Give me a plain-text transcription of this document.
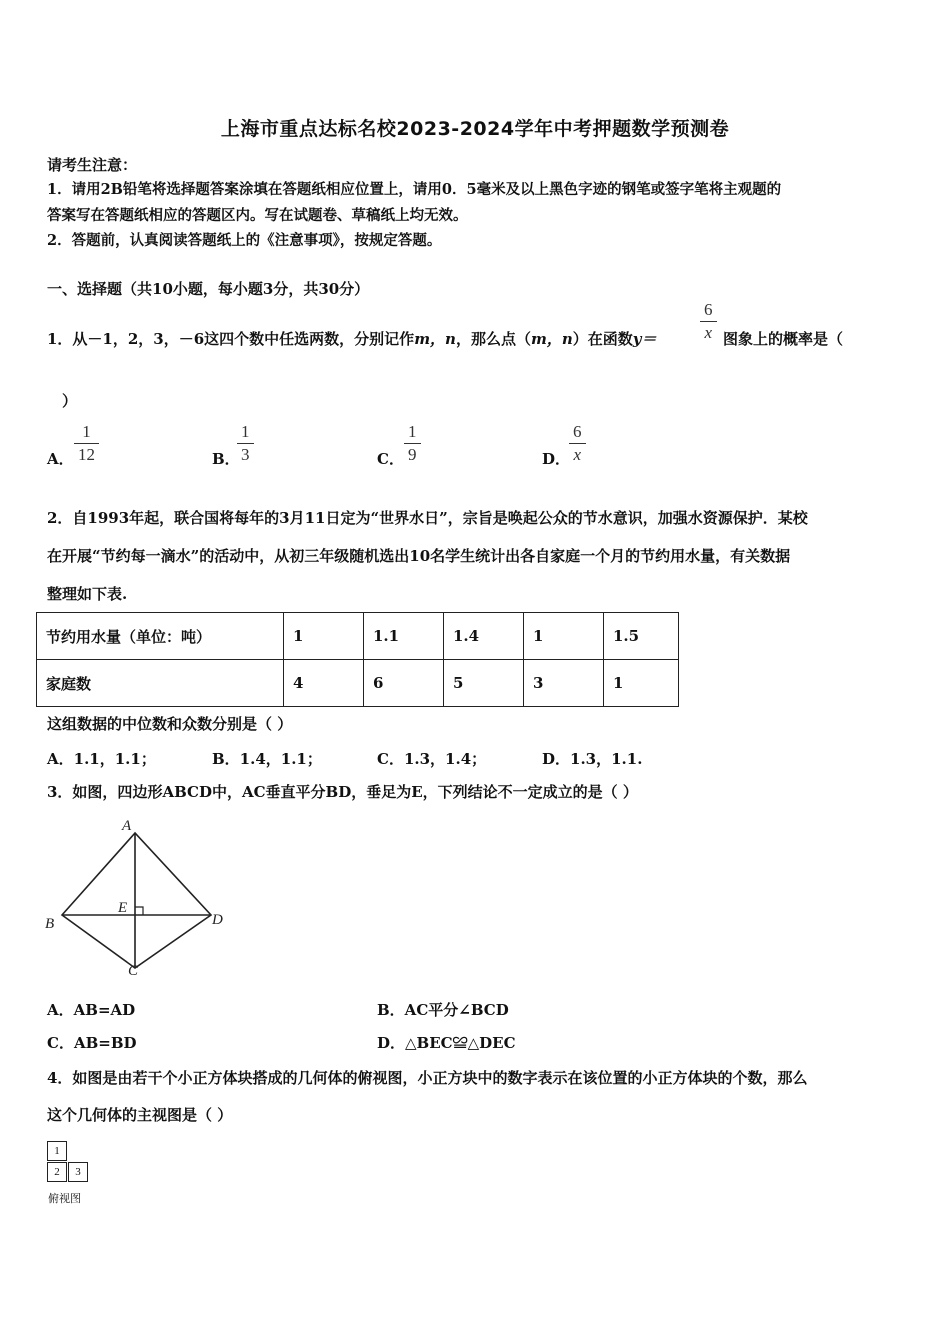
上海市重点达标名校2023-2024学年中考押题数学预测卷
请考生注意：
1．请用2B铅笔将选择题答案涂填在答题纸相应位置上，请用0．5毫米及以上黑色字迹的钢笔或签字笔将主观题的
答案写在答题纸相应的答题区内。写在试题卷、草稿纸上均无效。
2．答题前，认真阅读答题纸上的《注意事项》，按规定答题。
一、选择题（共10小题，每小题3分，共30分）
1．从－1，2，3，－6这四个数中任选两数，分别记作m，n，那么点（m，n）在函数y＝
6
x 图象上的概率是（
）
A．
1
12	B．
1
3	C．
1
9	D．
6
x
2．自1993年起，联合国将每年的3月11日定为“世界水日”，宗旨是唤起公众的节水意识，加强水资源保护．某校
在开展“节约每一滴水”的活动中，从初三年级随机选出10名学生统计出各自家庭一个月的节约用水量，有关数据
整理如下表.
节约用水量（单位：吨）	1	1.1	1.4	1	1.5
家庭数	4	6	5	3	1
这组数据的中位数和众数分别是（ ）
A．1.1，1.1；	B．1.4，1.1；	C．1.3，1.4；	D．1.3，1.1.
3．如图，四边形ABCD中，AC垂直平分BD，垂足为E，下列结论不一定成立的是（ ）
A
B
C
D
E
A．AB=AD	B．AC平分∠BCD
C．AB=BD	D．△BEC≌△DEC
4．如图是由若干个小正方体块搭成的几何体的俯视图，小正方块中的数字表示在该位置的小正方体块的个数，那么
这个几何体的主视图是（ ）
1
2	3
俯视图
